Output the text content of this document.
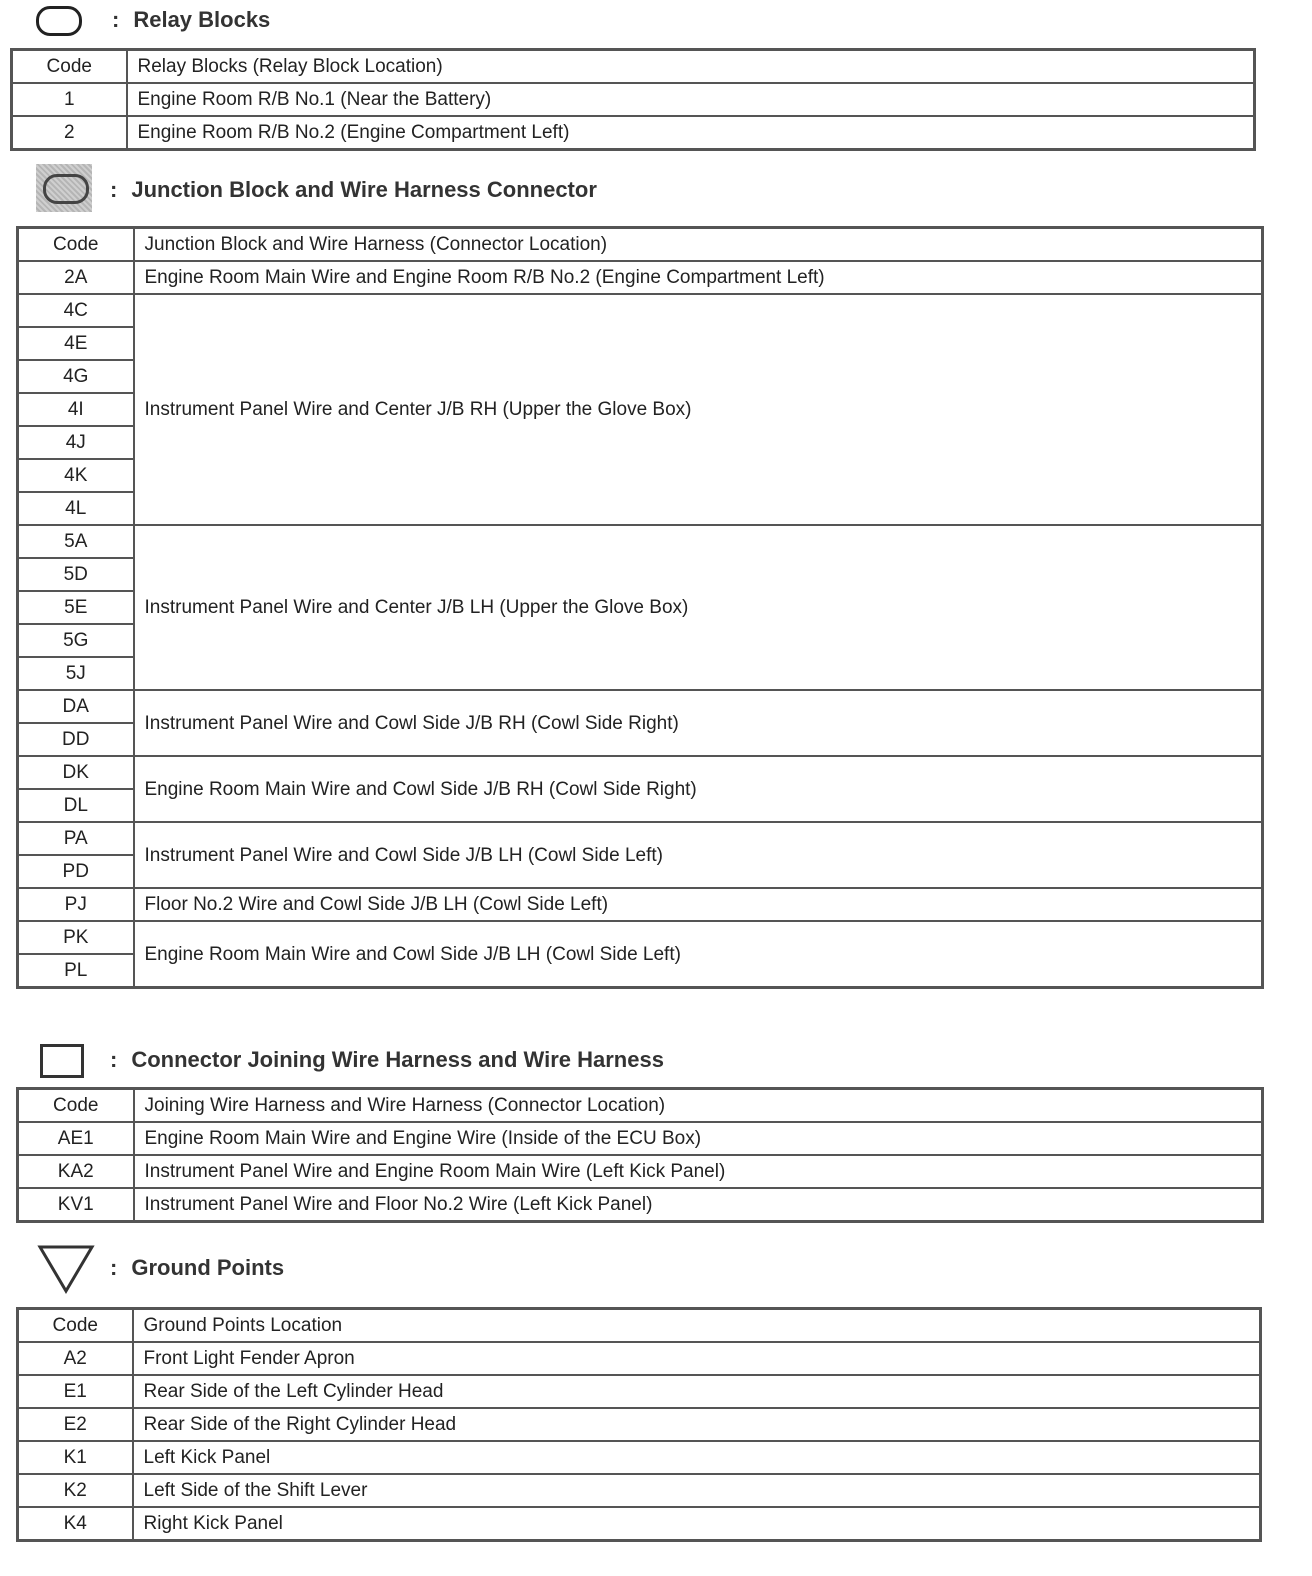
: Relay Blocks
Code	Relay Blocks (Relay Block Location)
1	Engine Room R/B No.1 (Near the Battery)
2	Engine Room R/B No.2 (Engine Compartment Left)
: Junction Block and Wire Harness Connector
Code	Junction Block and Wire Harness (Connector Location)
2A	Engine Room Main Wire and Engine Room R/B No.2 (Engine Compartment Left)
4C	Instrument Panel Wire and Center J/B RH (Upper the Glove Box)
4E	
4G	
4I	
4J	
4K	
4L	
5A	Instrument Panel Wire and Center J/B LH (Upper the Glove Box)
5D	
5E	
5G	
5J	
DA	Instrument Panel Wire and Cowl Side J/B RH (Cowl Side Right)
DD	
DK	Engine Room Main Wire and Cowl Side J/B RH (Cowl Side Right)
DL	
PA	Instrument Panel Wire and Cowl Side J/B LH (Cowl Side Left)
PD	
PJ	Floor No.2 Wire and Cowl Side J/B LH (Cowl Side Left)
PK	Engine Room Main Wire and Cowl Side J/B LH (Cowl Side Left)
PL	
: Connector Joining Wire Harness and Wire Harness
Code	Joining Wire Harness and Wire Harness (Connector Location)
AE1	Engine Room Main Wire and Engine Wire (Inside of the ECU Box)
KA2	Instrument Panel Wire and Engine Room Main Wire (Left Kick Panel)
KV1	Instrument Panel Wire and Floor No.2 Wire (Left Kick Panel)
: Ground Points
Code	Ground Points Location
A2	Front Light Fender Apron
E1	Rear Side of the Left Cylinder Head
E2	Rear Side of the Right Cylinder Head
K1	Left Kick Panel
K2	Left Side of the Shift Lever
K4	Right Kick Panel
